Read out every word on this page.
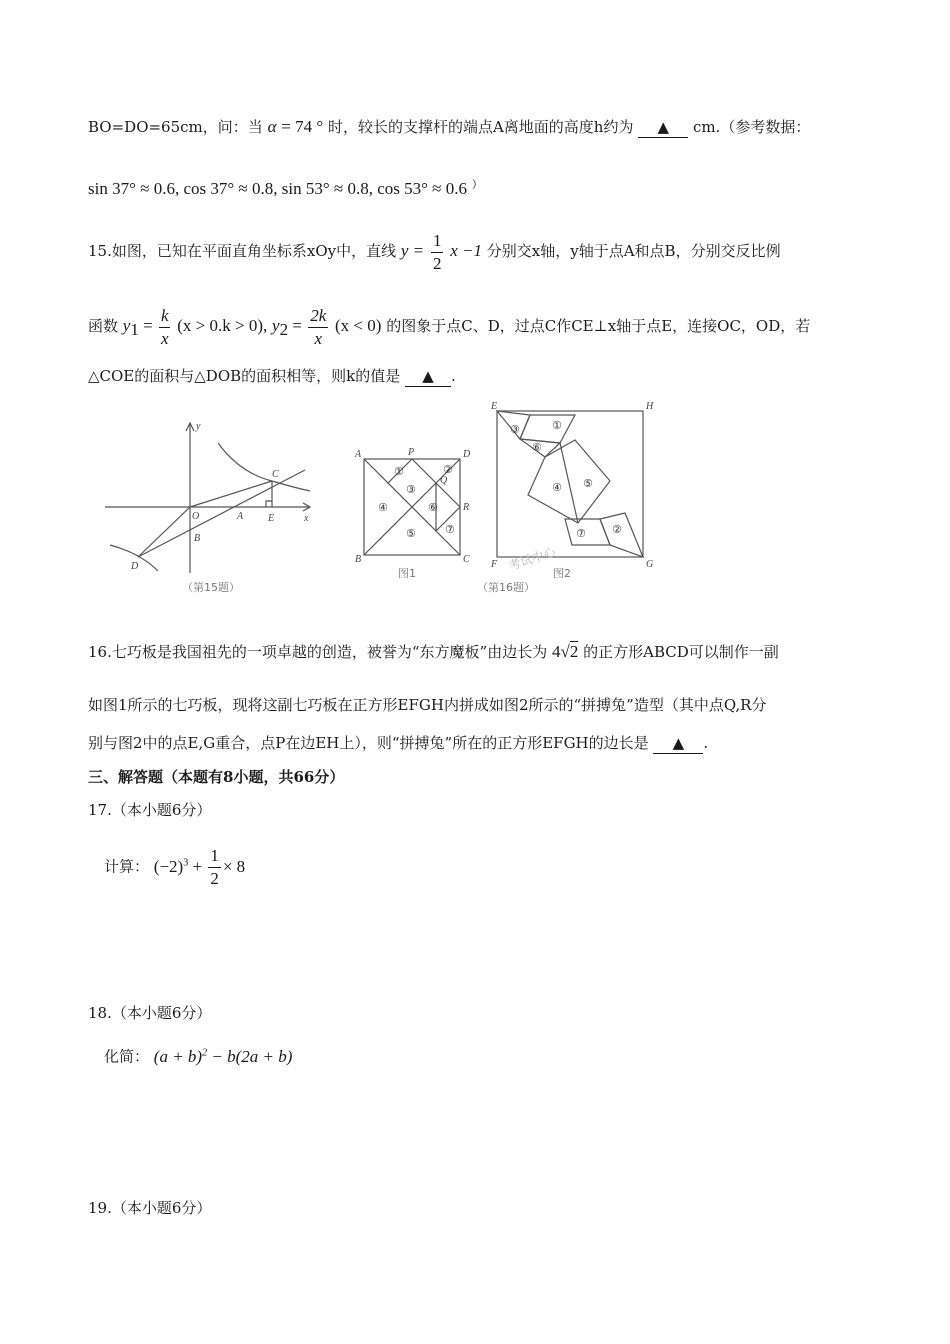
BO=DO=65cm，问：当 α = 74 ° 时，较长的支撑杆的端点A离地面的高度h约为 ▲ cm.（参考数据：
sin 37° ≈ 0.6, cos 37° ≈ 0.8, sin 53° ≈ 0.8, cos 53° ≈ 0.6 ）
15.如图，已知在平面直角坐标系xOy中，直线 $y = \frac{1}{2}$ x −1 分别交x轴，y轴于点A和点B，分别交反比例
函数 $y_1 = \frac{k}{x} (x > 0.k > 0)$, $y_2 = \frac{2k}{x} (x < 0)$ 的图象于点C、D，过点C作CE⊥x轴于点E，连接OC，OD，若
△COE的面积与△DOB的面积相等，则k的值是 ▲ .
y
x
O	A E
C
B
D
（第15题）
A	P	D
Q
R
B	C
①	②
③
④
⑤
⑥
⑦
图1
E	H
F	G
③	①
⑥
④ ⑤
⑦ ②
图2
（第16题）
考试中心
16.七巧板是我国祖先的一项卓越的创造，被誉为“东方魔板”由边长为 4√2 的正方形ABCD可以制作一副
如图1所示的七巧板，现将这副七巧板在正方形EFGH内拼成如图2所示的“拼搏兔”造型（其中点Q,R分
别与图2中的点E,G重合，点P在边EH上），则“拼搏兔”所在的正方形EFGH的边长是 ▲ .
三、解答题（本题有8小题，共66分）
17.（本小题6分）
计算： $(-2)^3 + \frac{1}{2} \times 8$
18.（本小题6分）
化简： $(a + b)^2 - b(2a + b)$
19.（本小题6分）
